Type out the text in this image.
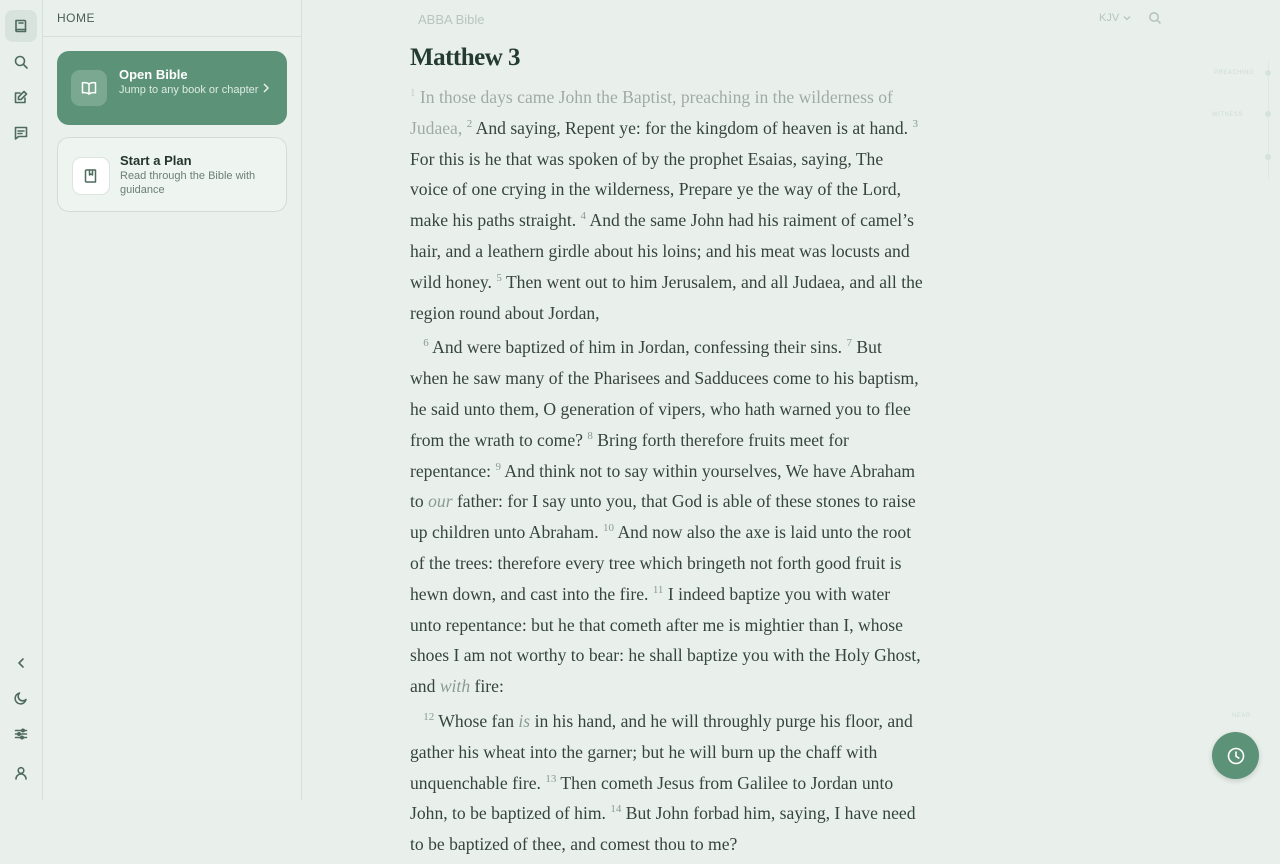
HOME
Open Bible
Jump to any book or chapter
Start a Plan
Read through the Bible with guidance
ABBA Bible	KJV
Matthew 3

$^1$ In those days came John the Baptist, preaching in the wilderness of Judaea, $^2$ And saying, Repent ye: for the kingdom of heaven is at hand. $^3$ For this is he that was spoken of by the prophet Esaias, saying, The voice of one crying in the wilderness, Prepare ye the way of the Lord, make his paths straight. $^4$ And the same John had his raiment of camel’s hair, and a leathern girdle about his loins; and his meat was locusts and wild honey. $^5$ Then went out to him Jerusalem, and all Judaea, and all the region round about Jordan,

$^6$ And were baptized of him in Jordan, confessing their sins. $^7$ But when he saw many of the Pharisees and Sadducees come to his baptism, he said unto them, O generation of vipers, who hath warned you to flee from the wrath to come? $^8$ Bring forth therefore fruits meet for repentance: $^9$ And think not to say within yourselves, We have Abraham to our father: for I say unto you, that God is able of these stones to raise up children unto Abraham. $^{10}$ And now also the axe is laid unto the root of the trees: therefore every tree which bringeth not forth good fruit is hewn down, and cast into the fire. $^{11}$ I indeed baptize you with water unto repentance: but he that cometh after me is mightier than I, whose shoes I am not worthy to bear: he shall baptize you with the Holy Ghost, and with fire:

$^{12}$ Whose fan is in his hand, and he will throughly purge his floor, and gather his wheat into the garner; but he will burn up the chaff with unquenchable fire. $^{13}$ Then cometh Jesus from Galilee to Jordan unto John, to be baptized of him. $^{14}$ But John forbad him, saying, I have need to be baptized of thee, and comest thou to me?

PREACHING
WITNESS
NEAR
